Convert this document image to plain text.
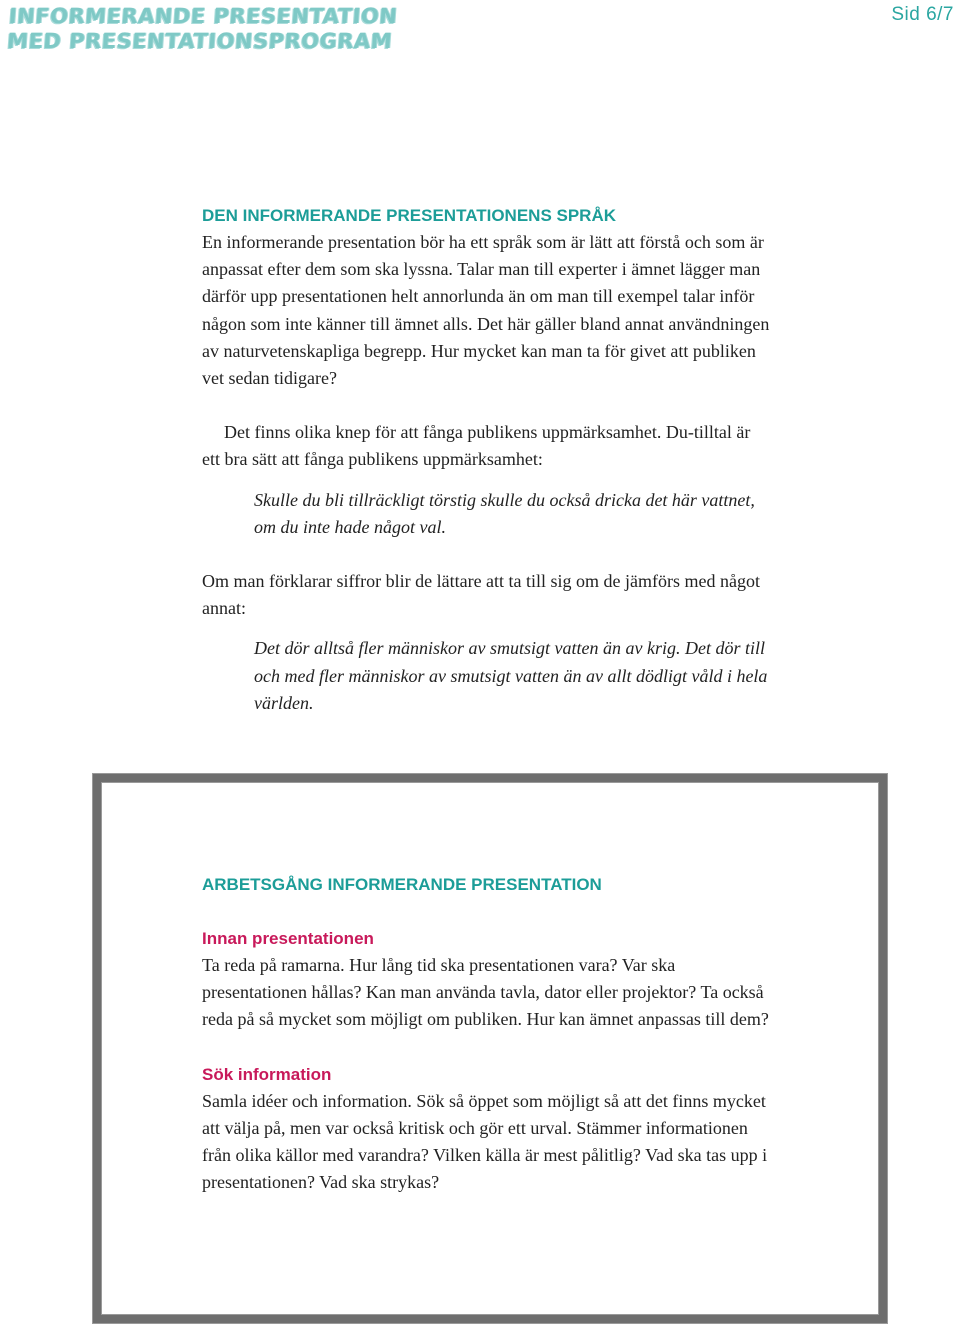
INFORMERANDE PRESENTATION
MED PRESENTATIONSPROGRAM
Sid 6/7
DEN INFORMERANDE PRESENTATIONENS SPRÅK

En informerande presentation bör ha ett språk som är lätt att förstå och som är anpassat efter dem som ska lyssna. Talar man till experter i ämnet lägger man därför upp presentationen helt annorlunda än om man till exempel talar inför någon som inte känner till ämnet alls. Det här gäller bland annat användningen av naturvetenskapliga begrepp. Hur mycket kan man ta för givet att publiken vet sedan tidigare?

Det finns olika knep för att fånga publikens uppmärksamhet. Du-tilltal är ett bra sätt att fånga publikens uppmärksamhet:

Skulle du bli tillräckligt törstig skulle du också dricka det här vattnet, om du inte hade något val.

Om man förklarar siffror blir de lättare att ta till sig om de jämförs med något annat:

Det dör alltså fler människor av smutsigt vatten än av krig. Det dör till och med fler människor av smutsigt vatten än av allt dödligt våld i hela världen.

ARBETSGÅNG INFORMERANDE PRESENTATION
Innan presentationen

Ta reda på ramarna. Hur lång tid ska presentationen vara? Var ska presentationen hållas? Kan man använda tavla, dator eller projektor? Ta också reda på så mycket som möjligt om publiken. Hur kan ämnet anpassas till dem?

Sök information

Samla idéer och information. Sök så öppet som möjligt så att det finns mycket att välja på, men var också kritisk och gör ett urval. Stämmer informationen från olika källor med varandra? Vilken källa är mest pålitlig? Vad ska tas upp i presentationen? Vad ska strykas?
